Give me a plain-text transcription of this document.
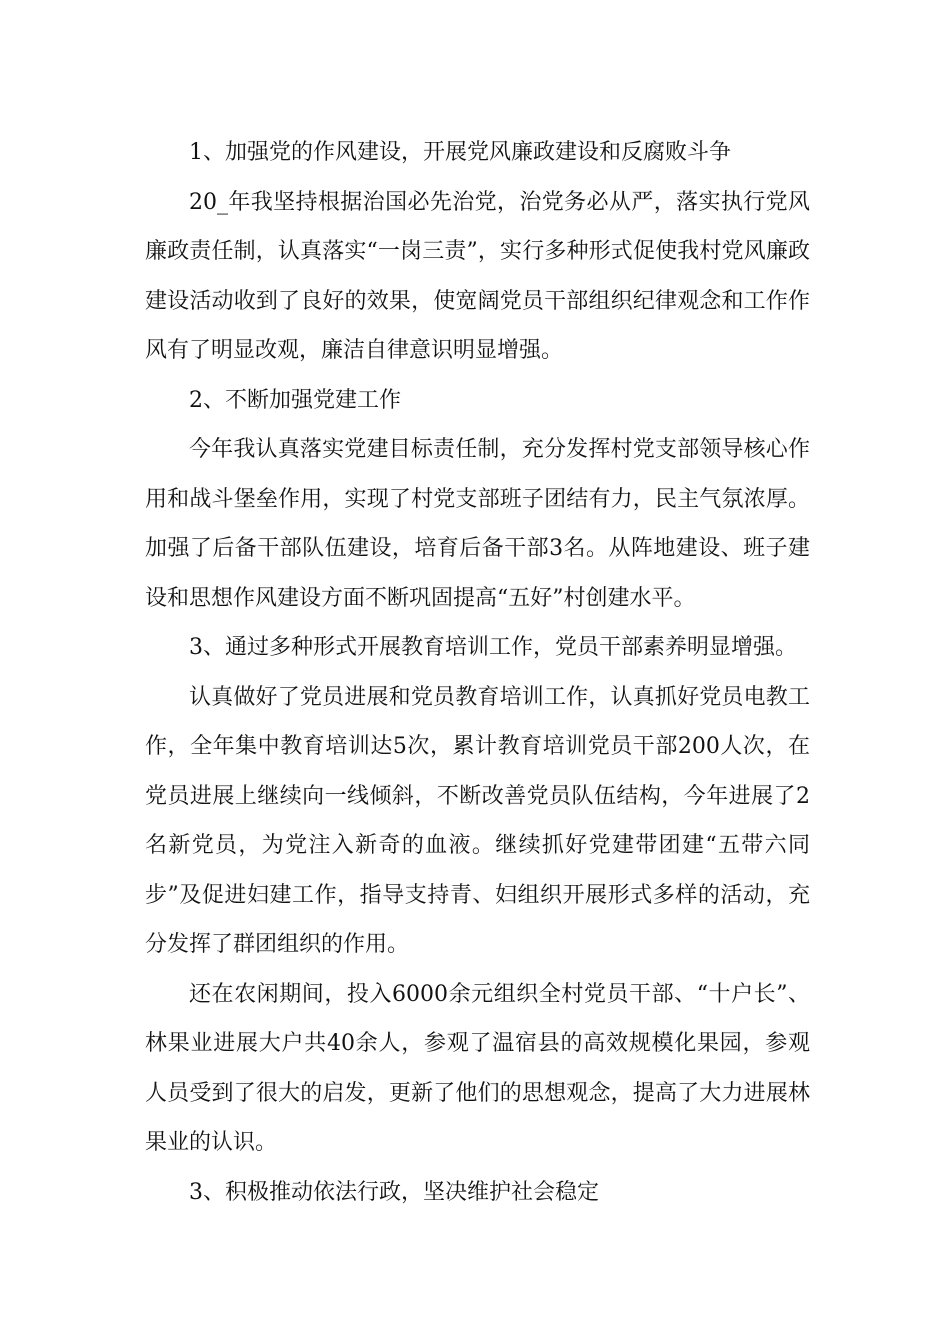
1、加强党的作风建设，开展党风廉政建设和反腐败斗争

20_年我坚持根据治国必先治党，治党务必从严，落实执行党风廉政责任制，认真落实“一岗三责”，实行多种形式促使我村党风廉政建设活动收到了良好的效果，使宽阔党员干部组织纪律观念和工作作风有了明显改观，廉洁自律意识明显增强。

2、不断加强党建工作

今年我认真落实党建目标责任制，充分发挥村党支部领导核心作用和战斗堡垒作用，实现了村党支部班子团结有力，民主气氛浓厚。加强了后备干部队伍建设，培育后备干部3名。从阵地建设、班子建设和思想作风建设方面不断巩固提高“五好”村创建水平。

3、通过多种形式开展教育培训工作，党员干部素养明显增强。

认真做好了党员进展和党员教育培训工作，认真抓好党员电教工作，全年集中教育培训达5次，累计教育培训党员干部200人次，在党员进展上继续向一线倾斜，不断改善党员队伍结构，今年进展了2名新党员，为党注入新奇的血液。继续抓好党建带团建“五带六同步”及促进妇建工作，指导支持青、妇组织开展形式多样的活动，充分发挥了群团组织的作用。

还在农闲期间，投入6000余元组织全村党员干部、“十户长”、林果业进展大户共40余人，参观了温宿县的高效规模化果园，参观人员受到了很大的启发，更新了他们的思想观念，提高了大力进展林果业的认识。

3、积极推动依法行政，坚决维护社会稳定
